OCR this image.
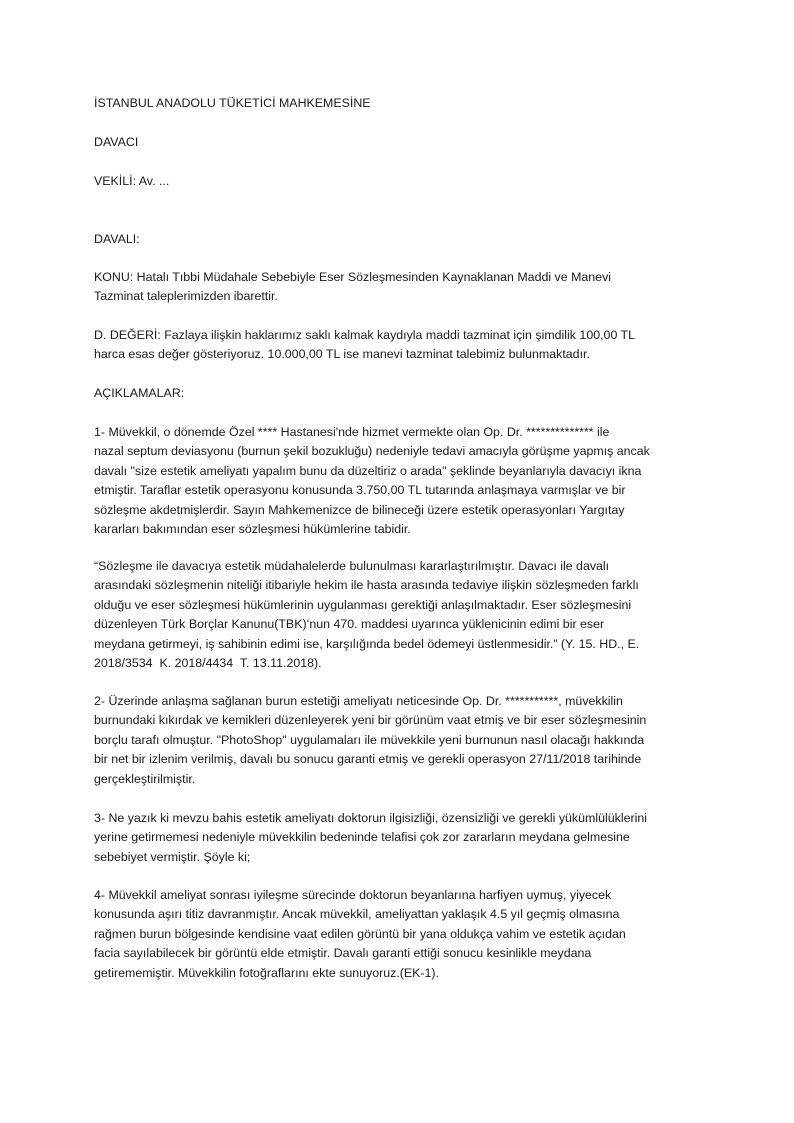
İSTANBUL ANADOLU TÜKETİCİ MAHKEMESİNE
DAVACI
VEKİLİ: Av. ...
DAVALI:
KONU: Hatalı Tıbbi Müdahale Sebebiyle Eser Sözleşmesinden Kaynaklanan Maddi ve Manevi
Tazminat taleplerimizden ibarettir.
D. DEĞERİ: Fazlaya ilişkin haklarımız saklı kalmak kaydıyla maddi tazminat için şimdilik 100,00 TL
harca esas değer gösteriyoruz. 10.000,00 TL ise manevi tazminat talebimiz bulunmaktadır.
AÇIKLAMALAR:
1- Müvekkil, o dönemde Özel **** Hastanesi'nde hizmet vermekte olan Op. Dr. ************** ile
nazal septum deviasyonu (burnun şekil bozukluğu) nedeniyle tedavi amacıyla görüşme yapmış ancak
davalı "size estetik ameliyatı yapalım bunu da düzeltiriz o arada" şeklinde beyanlarıyla davacıyı ikna
etmiştir. Taraflar estetik operasyonu konusunda 3.750,00 TL tutarında anlaşmaya varmışlar ve bir
sözleşme akdetmişlerdir. Sayın Mahkemenizce de bilineceği üzere estetik operasyonları Yargıtay
kararları bakımından eser sözleşmesi hükümlerine tabidir.
“Sözleşme ile davacıya estetik müdahalelerde bulunulması kararlaştırılmıştır. Davacı ile davalı
arasındaki sözleşmenin niteliği itibariyle hekim ile hasta arasında tedaviye ilişkin sözleşmeden farklı
olduğu ve eser sözleşmesi hükümlerinin uygulanması gerektiği anlaşılmaktadır. Eser sözleşmesini
düzenleyen Türk Borçlar Kanunu(TBK)‘nun 470. maddesi uyarınca yüklenicinin edimi bir eser
meydana getirmeyi, iş sahibinin edimi ise, karşılığında bedel ödemeyi üstlenmesidir.” (Y. 15. HD., E.
2018/3534  K. 2018/4434  T. 13.11.2018).
2- Üzerinde anlaşma sağlanan burun estetiği ameliyatı neticesinde Op. Dr. ***********, müvekkilin
burnundaki kıkırdak ve kemikleri düzenleyerek yeni bir görünüm vaat etmiş ve bir eser sözleşmesinin
borçlu tarafı olmuştur. "PhotoShop" uygulamaları ile müvekkile yeni burnunun nasıl olacağı hakkında
bir net bir izlenim verilmiş, davalı bu sonucu garanti etmiş ve gerekli operasyon 27/11/2018 tarihinde
gerçekleştirilmiştir.
3- Ne yazık ki mevzu bahis estetik ameliyatı doktorun ilgisizliği, özensizliği ve gerekli yükümlülüklerini
yerine getirmemesi nedeniyle müvekkilin bedeninde telafisi çok zor zararların meydana gelmesine
sebebiyet vermiştir. Şöyle ki;
4- Müvekkil ameliyat sonrası iyileşme sürecinde doktorun beyanlarına harfiyen uymuş, yiyecek
konusunda aşırı titiz davranmıştır. Ancak müvekkil, ameliyattan yaklaşık 4.5 yıl geçmiş olmasına
rağmen burun bölgesinde kendisine vaat edilen görüntü bir yana oldukça vahim ve estetik açıdan
facia sayılabilecek bir görüntü elde etmiştir. Davalı garanti ettiği sonucu kesinlikle meydana
getirememiştir. Müvekkilin fotoğraflarını ekte sunuyoruz.(EK-1).
